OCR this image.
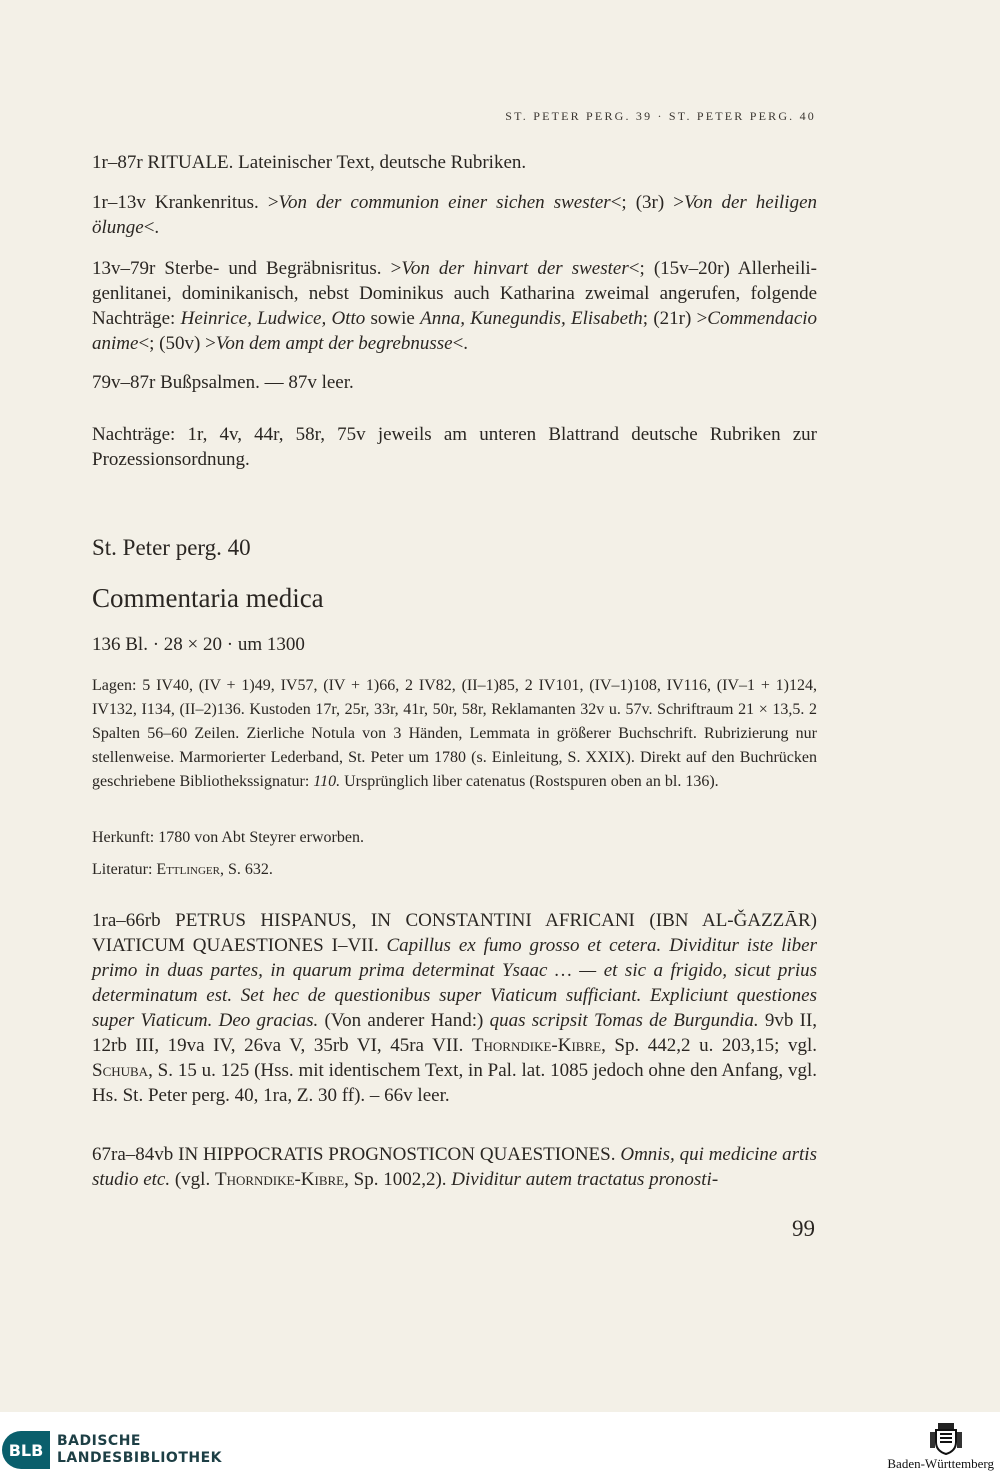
ST. PETER PERG. 39 · ST. PETER PERG. 40
1r–87r RITUALE. Lateinischer Text, deutsche Rubriken.
1r–13v Krankenritus. >Von der communion einer sichen swester<; (3r) >Von der heiligen ölunge<.
13v–79r Sterbe- und Begräbnisritus. >Von der hinvart der swester<; (15v–20r) Allerheiligenlitanei, dominikanisch, nebst Dominikus auch Katharina zweimal angerufen, folgende Nachträge: Heinrice, Ludwice, Otto sowie Anna, Kunegundis, Elisabeth; (21r) >Commendacio anime<; (50v) >Von dem ampt der begrebnusse<.
79v–87r Bußpsalmen. — 87v leer.
Nachträge: 1r, 4v, 44r, 58r, 75v jeweils am unteren Blattrand deutsche Rubriken zur Prozessionsordnung.
St. Peter perg. 40
Commentaria medica
136 Bl. · 28 × 20 · um 1300
Lagen: 5 IV40, (IV + 1)49, IV57, (IV + 1)66, 2 IV82, (II–1)85, 2 IV101, (IV–1)108, IV116, (IV–1 + 1)124, IV132, I134, (II–2)136. Kustoden 17r, 25r, 33r, 41r, 50r, 58r, Reklamanten 32v u. 57v. Schriftraum 21 × 13,5. 2 Spalten 56–60 Zeilen. Zierliche Notula von 3 Händen, Lemmata in größerer Buchschrift. Rubrizierung nur stellenweise. Marmorierter Lederband, St. Peter um 1780 (s. Einleitung, S. XXIX). Direkt auf den Buchrücken geschriebene Bibliothekssignatur: 110. Ursprünglich liber catenatus (Rostspuren oben an bl. 136).
Herkunft: 1780 von Abt Steyrer erworben.
Literatur: Ettlinger, S. 632.
1ra–66rb PETRUS HISPANUS, IN CONSTANTINI AFRICANI (IBN AL-ǦAZZĀR) VIATICUM QUAESTIONES I–VII. Capillus ex fumo grosso et cetera. Dividitur iste liber primo in duas partes, in quarum prima determinat Ysaac … — et sic a frigido, sicut prius determinatum est. Set hec de questionibus super Viaticum sufficiant. Expliciunt questiones super Viaticum. Deo gracias. (Von anderer Hand:) quas scripsit Tomas de Burgundia. 9vb II, 12rb III, 19va IV, 26va V, 35rb VI, 45ra VII. Thorndike-Kibre, Sp. 442,2 u. 203,15; vgl. Schuba, S. 15 u. 125 (Hss. mit identischem Text, in Pal. lat. 1085 jedoch ohne den Anfang, vgl. Hs. St. Peter perg. 40, 1ra, Z. 30 ff). – 66v leer.
67ra–84vb IN HIPPOCRATIS PROGNOSTICON QUAESTIONES. Omnis, qui medicine artis studio etc. (vgl. Thorndike-Kibre, Sp. 1002,2). Dividitur autem tractatus pronosti-
99
BLB BADISCHE
LANDESBIBLIOTHEK	Baden-Württemberg
